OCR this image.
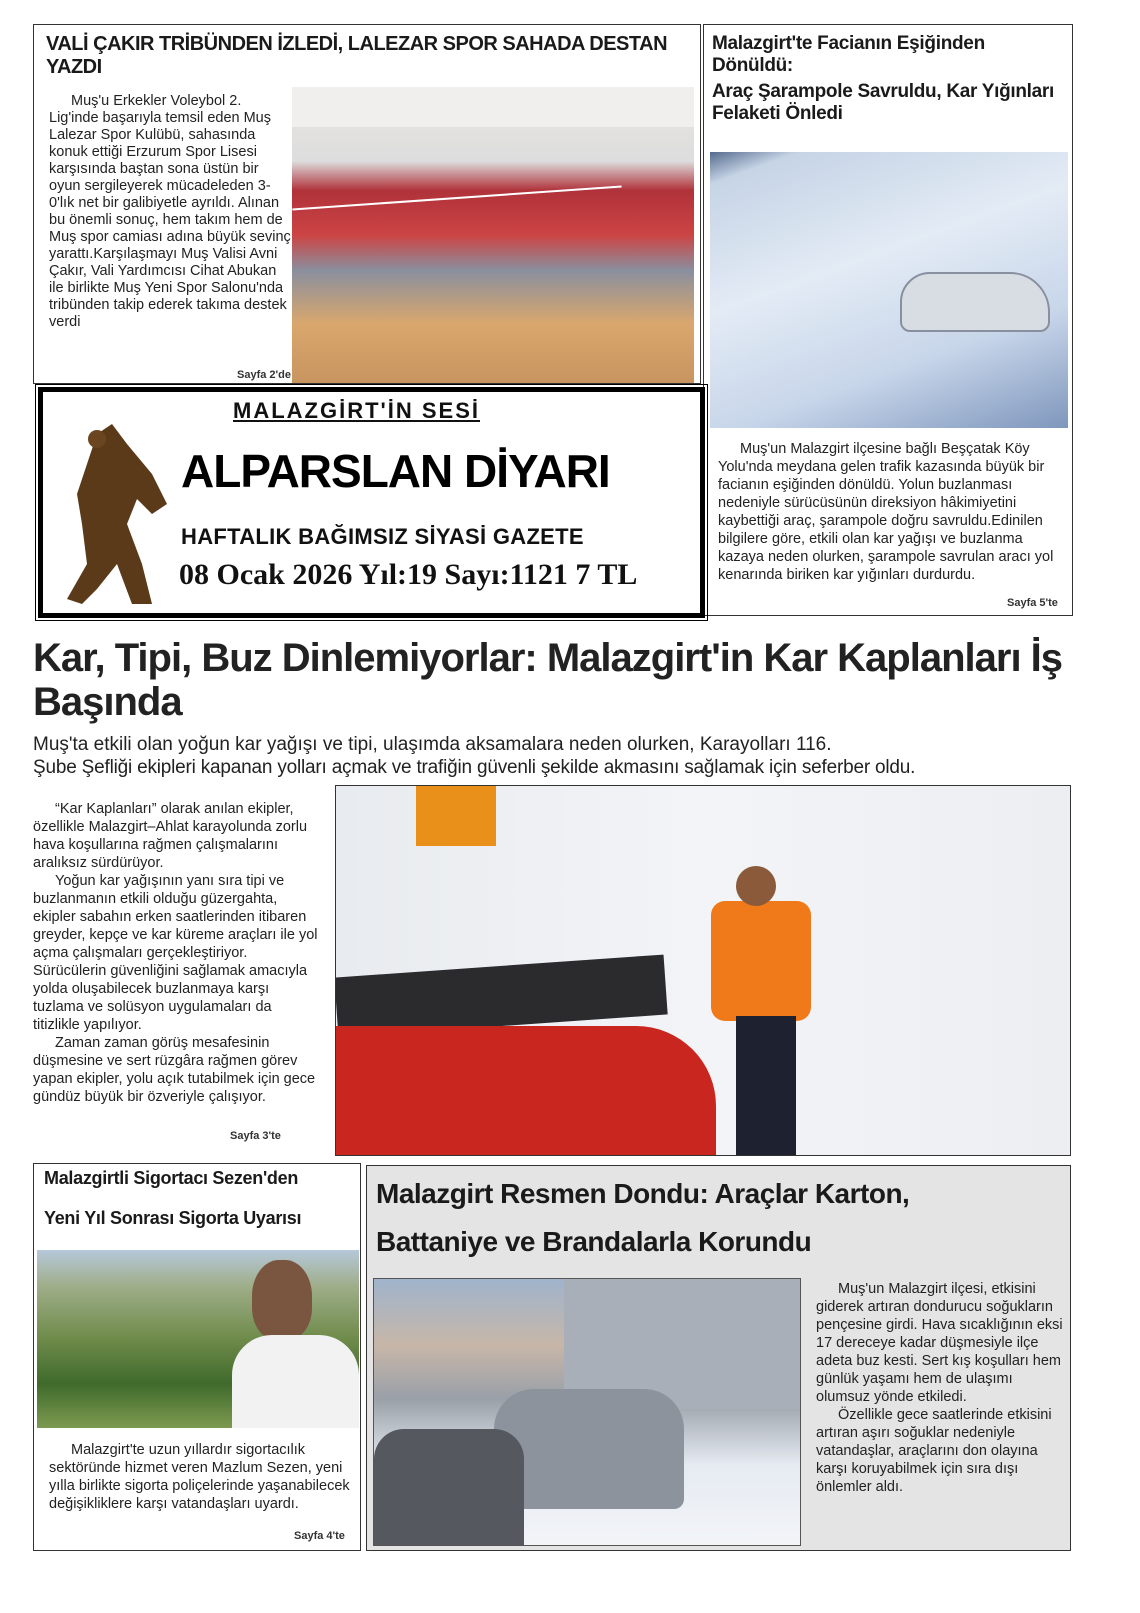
VALİ ÇAKIR TRİBÜNDEN İZLEDİ, LALEZAR SPOR SAHADA DESTAN YAZDI

Muş'u Erkekler Voleybol 2. Lig'inde başarıyla temsil eden Muş Lalezar Spor Kulübü, sahasında konuk ettiği Erzurum Spor Lisesi karşısında baştan sona üstün bir oyun sergileyerek mücadeleden 3-0'lık net bir galibiyetle ayrıldı. Alınan bu önemli sonuç, hem takım hem de Muş spor camiası adına büyük sevinç yarattı.Karşılaşmayı Muş Valisi Avni Çakır, Vali Yardımcısı Cihat Abukan ile birlikte Muş Yeni Spor Salonu'nda tribünden takip ederek takıma destek verdi

Sayfa 2'de
Malazgirt'te Facianın Eşiğinden Dönüldü:
Araç Şarampole Savruldu, Kar Yığınları Felaketi Önledi

Muş'un Malazgirt ilçesine bağlı Beşçatak Köy Yolu'nda meydana gelen trafik kazasında büyük bir facianın eşiğinden dönüldü. Yolun buzlanması nedeniyle sürücüsünün direksiyon hâkimiyetini kaybettiği araç, şarampole doğru savruldu.Edinilen bilgilere göre, etkili olan kar yağışı ve buzlanma kazaya neden olurken, şarampole savrulan aracı yol kenarında biriken kar yığınları durdurdu.

Sayfa 5'te
MALAZGİRT'İN SESİ
ALPARSLAN DİYARI
HAFTALIK BAĞIMSIZ SİYASİ GAZETE
08 Ocak 2026 Yıl:19 Sayı:1121 7 TL
Kar, Tipi, Buz Dinlemiyorlar: Malazgirt'in Kar Kaplanları İş Başında
Muş'ta etkili olan yoğun kar yağışı ve tipi, ulaşımda aksamalara neden olurken, Karayolları 116.
Şube Şefliği ekipleri kapanan yolları açmak ve trafiğin güvenli şekilde akmasını sağlamak için seferber oldu.

“Kar Kaplanları” olarak anılan ekipler, özellikle Malazgirt–Ahlat karayolunda zorlu hava koşullarına rağmen çalışmalarını aralıksız sürdürüyor.

Yoğun kar yağışının yanı sıra tipi ve buzlanmanın etkili olduğu güzergahta, ekipler sabahın erken saatlerinden itibaren greyder, kepçe ve kar küreme araçları ile yol açma çalışmaları gerçekleştiriyor. Sürücülerin güvenliğini sağlamak amacıyla yolda oluşabilecek buzlanmaya karşı tuzlama ve solüsyon uygulamaları da titizlikle yapılıyor.

Zaman zaman görüş mesafesinin düşmesine ve sert rüzgâra rağmen görev yapan ekipler, yolu açık tutabilmek için gece gündüz büyük bir özveriyle çalışıyor.

Sayfa 3'te
Malazgirtli Sigortacı Sezen'den
Yeni Yıl Sonrası Sigorta Uyarısı

Malazgirt'te uzun yıllardır sigortacılık sektöründe hizmet veren Mazlum Sezen, yeni yılla birlikte sigorta poliçelerinde yaşanabilecek değişikliklere karşı vatandaşları uyardı.

Sayfa 4'te
Malazgirt Resmen Dondu: Araçlar Karton,
Battaniye ve Brandalarla Korundu

Muş'un Malazgirt ilçesi, etkisini giderek artıran dondurucu soğukların pençesine girdi. Hava sıcaklığının eksi 17 dereceye kadar düşmesiyle ilçe adeta buz kesti. Sert kış koşulları hem günlük yaşamı hem de ulaşımı olumsuz yönde etkiledi.

Özellikle gece saatlerinde etkisini artıran aşırı soğuklar nedeniyle vatandaşlar, araçlarını don olayına karşı koruyabilmek için sıra dışı önlemler aldı.
